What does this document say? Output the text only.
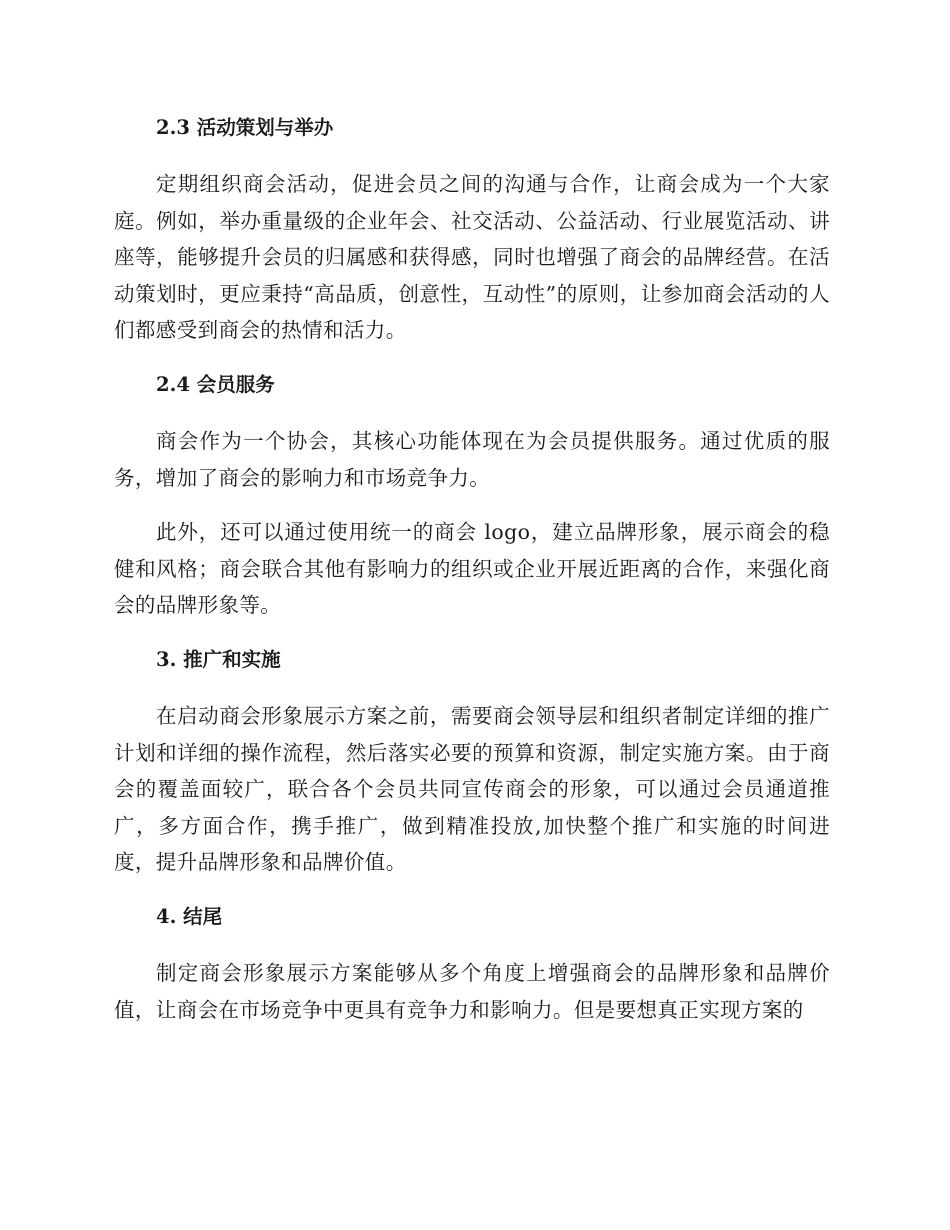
2.3 活动策划与举办

定期组织商会活动，促进会员之间的沟通与合作，让商会成为一个大家庭。例如，举办重量级的企业年会、社交活动、公益活动、行业展览活动、讲座等，能够提升会员的归属感和获得感，同时也增强了商会的品牌经营。在活动策划时，更应秉持“高品质，创意性，互动性”的原则，让参加商会活动的人们都感受到商会的热情和活力。

2.4 会员服务

商会作为一个协会，其核心功能体现在为会员提供服务。通过优质的服务，增加了商会的影响力和市场竞争力。

此外，还可以通过使用统一的商会 logo，建立品牌形象，展示商会的稳健和风格；商会联合其他有影响力的组织或企业开展近距离的合作，来强化商会的品牌形象等。

3. 推广和实施

在启动商会形象展示方案之前，需要商会领导层和组织者制定详细的推广计划和详细的操作流程，然后落实必要的预算和资源，制定实施方案。由于商会的覆盖面较广，联合各个会员共同宣传商会的形象，可以通过会员通道推广，多方面合作，携手推广，做到精准投放,加快整个推广和实施的时间进度，提升品牌形象和品牌价值。

4. 结尾

制定商会形象展示方案能够从多个角度上增强商会的品牌形象和品牌价值，让商会在市场竞争中更具有竞争力和影响力。但是要想真正实现方案的
